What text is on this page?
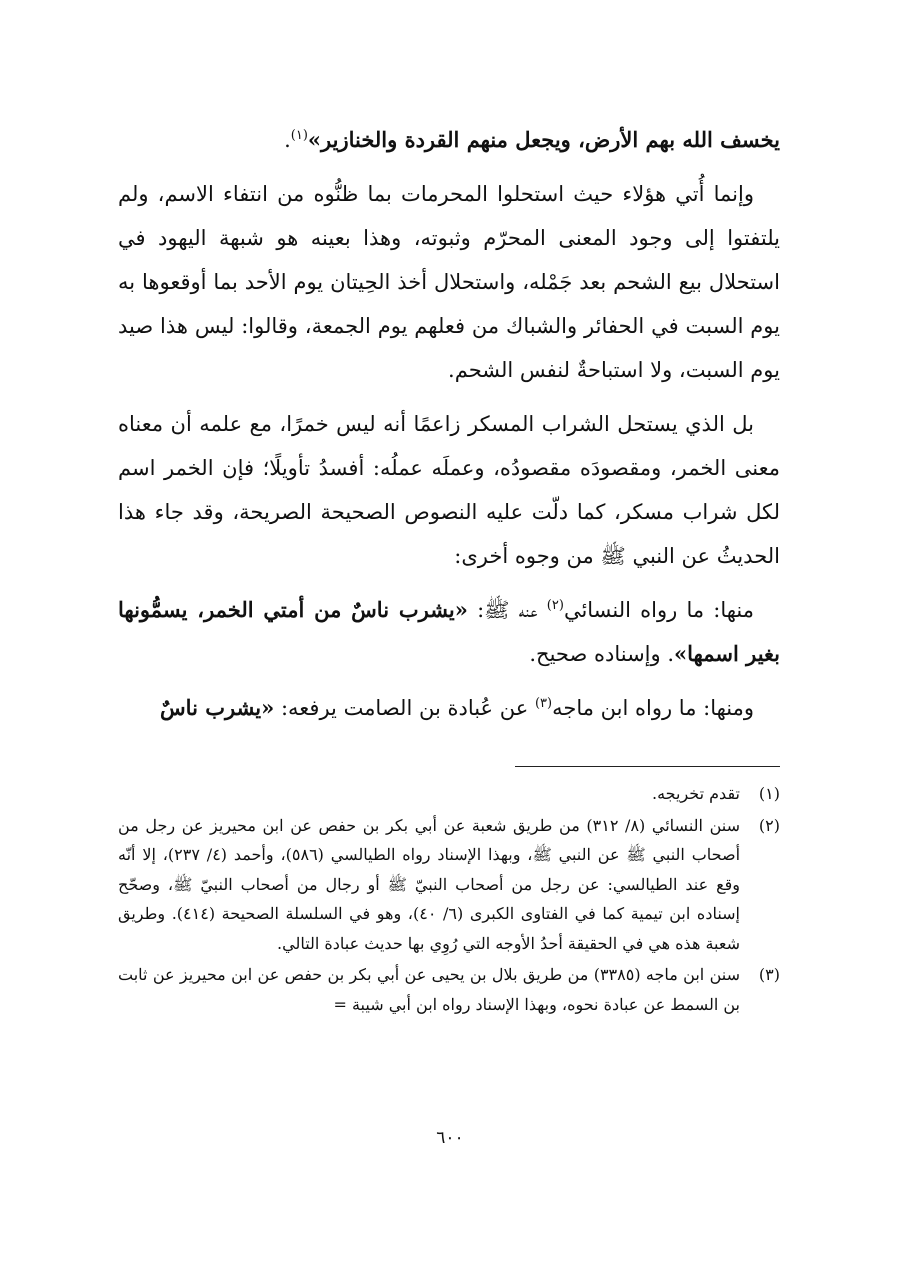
يخسف الله بهم الأرض، ويجعل منهم القردة والخنازير»$^{(١)}$.

وإنما أُتي هؤلاء حيث استحلوا المحرمات بما ظنُّوه من انتفاء الاسم، ولم يلتفتوا إلى وجود المعنى المحرّم وثبوته، وهذا بعينه هو شبهة اليهود في استحلال بيع الشحم بعد جَمْله، واستحلال أخذ الحِيتان يوم الأحد بما أوقعوها به يوم السبت في الحفائر والشباك من فعلهم يوم الجمعة، وقالوا: ليس هذا صيد يوم السبت، ولا استباحةٌ لنفس الشحم.

بل الذي يستحل الشراب المسكر زاعمًا أنه ليس خمرًا، مع علمه أن معناه معنى الخمر، ومقصودَه مقصودُه، وعملَه عملُه: أفسدُ تأويلًا؛ فإن الخمر اسم لكل شراب مسكر، كما دلّت عليه النصوص الصحيحة الصريحة، وقد جاء هذا الحديثُ عن النبي ﷺ من وجوه أخرى:

منها: ما رواه النسائي$^{(٢)}$ عنه ﷺ: «يشرب ناسٌ من أمتي الخمر، يسمُّونها بغير اسمها». وإسناده صحيح.

ومنها: ما رواه ابن ماجه$^{(٣)}$ عن عُبادة بن الصامت يرفعه: «يشرب ناسٌ

(١)
تقدم تخريجه.
(٢)
سنن النسائي (٨/ ٣١٢) من طريق شعبة عن أبي بكر بن حفص عن ابن محيريز عن رجل من أصحاب النبي ﷺ عن النبي ﷺ، وبهذا الإسناد رواه الطيالسي (٥٨٦)، وأحمد (٤/ ٢٣٧)، إلا أنّه وقع عند الطيالسي: عن رجل من أصحاب النبيّ ﷺ أو رجال من أصحاب النبيّ ﷺ، وصحّح إسناده ابن تيمية كما في الفتاوى الكبرى (٦/ ٤٠)، وهو في السلسلة الصحيحة (٤١٤). وطريق شعبة هذه هي في الحقيقة أحدُ الأوجه التي رُوِي بها حديث عبادة التالي.
(٣)
سنن ابن ماجه (٣٣٨٥) من طريق بلال بن يحيى عن أبي بكر بن حفص عن ابن محيريز عن ثابت بن السمط عن عبادة نحوه، وبهذا الإسناد رواه ابن أبي شيبة =
٦٠٠
